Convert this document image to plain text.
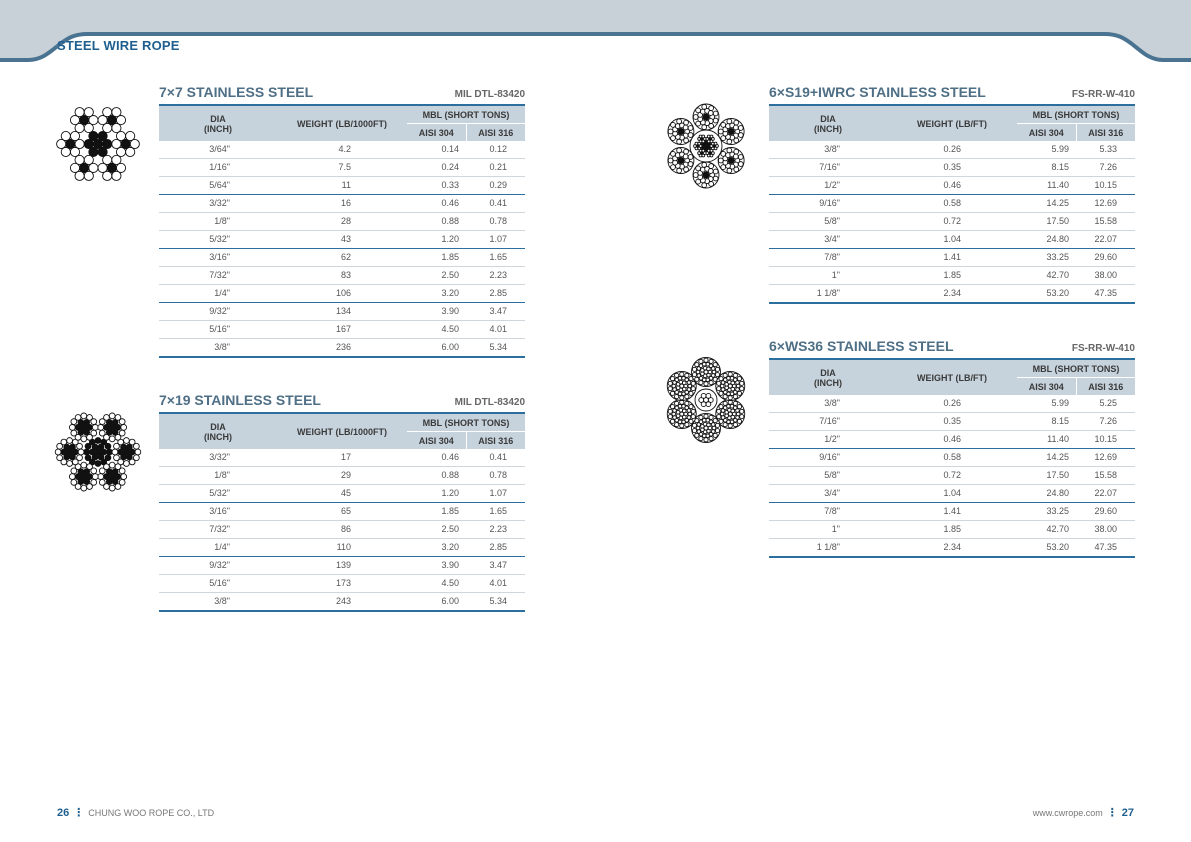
STEEL WIRE ROPE
7×7 STAINLESS STEEL	MIL DTL-83420
DIA
(INCH)	WEIGHT (LB/1000FT)	MBL (SHORT TONS)	
		AISI 304	AISI 316
3/64"	4.2	0.14	0.12
1/16"	7.5	0.24	0.21
5/64"	11	0.33	0.29
3/32"	16	0.46	0.41
1/8"	28	0.88	0.78
5/32"	43	1.20	1.07
3/16"	62	1.85	1.65
7/32"	83	2.50	2.23
1/4"	106	3.20	2.85
9/32"	134	3.90	3.47
5/16"	167	4.50	4.01
3/8"	236	6.00	5.34
7×19 STAINLESS STEEL	MIL DTL-83420
DIA
(INCH)	WEIGHT (LB/1000FT)	MBL (SHORT TONS)	
		AISI 304	AISI 316
3/32"	17	0.46	0.41
1/8"	29	0.88	0.78
5/32"	45	1.20	1.07
3/16"	65	1.85	1.65
7/32"	86	2.50	2.23
1/4"	110	3.20	2.85
9/32"	139	3.90	3.47
5/16"	173	4.50	4.01
3/8"	243	6.00	5.34
6×S19+IWRC STAINLESS STEEL	FS-RR-W-410
DIA
(INCH)	WEIGHT (LB/FT)	MBL (SHORT TONS)	
		AISI 304	AISI 316
3/8"	0.26	5.99	5.33
7/16"	0.35	8.15	7.26
1/2"	0.46	11.40	10.15
9/16"	0.58	14.25	12.69
5/8"	0.72	17.50	15.58
3/4"	1.04	24.80	22.07
7/8"	1.41	33.25	29.60
1"	1.85	42.70	38.00
1 1/8"	2.34	53.20	47.35
6×WS36 STAINLESS STEEL	FS-RR-W-410
DIA
(INCH)	WEIGHT (LB/FT)	MBL (SHORT TONS)	
		AISI 304	AISI 316
3/8"	0.26	5.99	5.25
7/16"	0.35	8.15	7.26
1/2"	0.46	11.40	10.15
9/16"	0.58	14.25	12.69
5/8"	0.72	17.50	15.58
3/4"	1.04	24.80	22.07
7/8"	1.41	33.25	29.60
1"	1.85	42.70	38.00
1 1/8"	2.34	53.20	47.35
26 ⋮ CHUNG WOO ROPE CO., LTD	www.cwrope.com ⋮ 27
